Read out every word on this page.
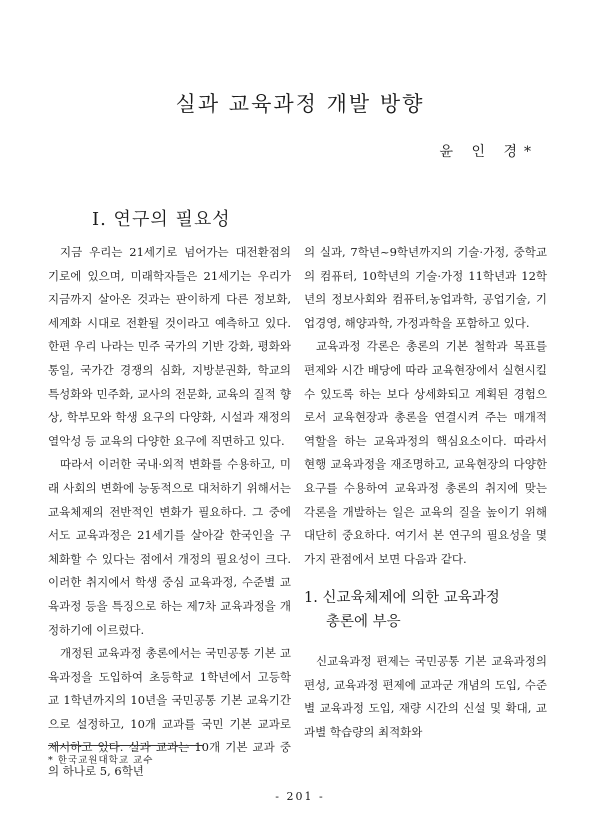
실과 교육과정 개발 방향
윤 인 경*
Ⅰ. 연구의 필요성

지금 우리는 21세기로 넘어가는 대전환점의 기로에 있으며, 미래학자들은 21세기는 우리가 지금까지 살아온 것과는 판이하게 다른 정보화, 세계화 시대로 전환될 것이라고 예측하고 있다. 한편 우리 나라는 민주 국가의 기반 강화, 평화와 통일, 국가간 경쟁의 심화, 지방분권화, 학교의 특성화와 민주화, 교사의 전문화, 교육의 질적 향상, 학부모와 학생 요구의 다양화, 시설과 재정의 열악성 등 교육의 다양한 요구에 직면하고 있다.

따라서 이러한 국내·외적 변화를 수용하고, 미래 사회의 변화에 능동적으로 대처하기 위해서는 교육체제의 전반적인 변화가 필요하다. 그 중에서도 교육과정은 21세기를 살아갈 한국인을 구체화할 수 있다는 점에서 개정의 필요성이 크다. 이러한 취지에서 학생 중심 교육과정, 수준별 교육과정 등을 특징으로 하는 제7차 교육과정을 개정하기에 이르렀다.

개정된 교육과정 총론에서는 국민공통 기본 교육과정을 도입하여 초등학교 1학년에서 고등학교 1학년까지의 10년을 국민공통 기본 교육기간으로 설정하고, 10개 교과를 국민 기본 교과로 제시하고 있다. 실과 교과는 10개 기본 교과 중의 하나로 5, 6학년

의 실과, 7학년~9학년까지의 기술·가정, 중학교의 컴퓨터, 10학년의 기술·가정 11학년과 12학년의 정보사회와 컴퓨터,농업과학, 공업기술, 기업경영, 해양과학, 가정과학을 포함하고 있다.

교육과정 각론은 총론의 기본 철학과 목표를 편제와 시간 배당에 따라 교육현장에서 실현시킬 수 있도록 하는 보다 상세화되고 계획된 경험으로서 교육현장과 총론을 연결시켜 주는 매개적 역할을 하는 교육과정의 핵심요소이다. 따라서 현행 교육과정을 재조명하고, 교육현장의 다양한 요구를 수용하여 교육과정 총론의 취지에 맞는 각론을 개발하는 일은 교육의 질을 높이기 위해 대단히 중요하다. 여기서 본 연구의 필요성을 몇 가지 관점에서 보면 다음과 같다.

1. 신교육체제에 의한 교육과정
총론에 부응

신교육과정 편제는 국민공통 기본 교육과정의 편성, 교육과정 편제에 교과군 개념의 도입, 수준별 교육과정 도입, 재량 시간의 신설 및 확대, 교과별 학습량의 최적화와

* 한국교원대학교 교수
- 201 -
